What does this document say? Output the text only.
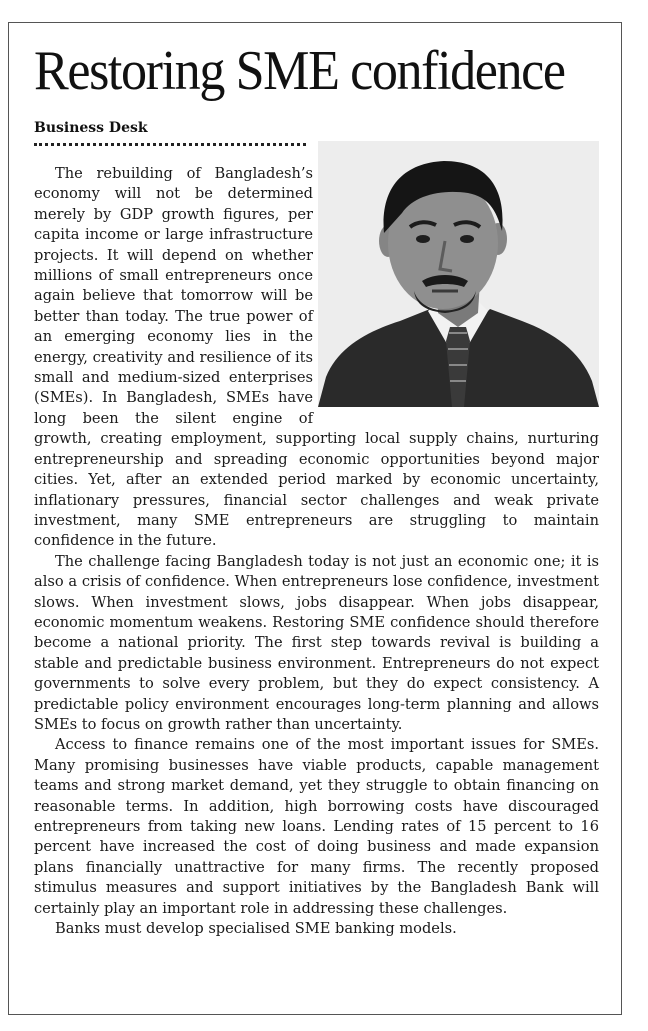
Restoring SME confidence
Business Desk

The rebuilding of Bangladesh’s economy will not be determined merely by GDP growth figures, per capita income or large infrastructure projects. It will depend on whether millions of small entrepreneurs once again believe that tomorrow will be better than today. The true power of an emerging economy lies in the energy, creativity and resilience of its small and medium-sized enterprises (SMEs). In Bangladesh, SMEs have long been the silent engine of growth, creating employment, supporting local supply chains, nurturing entrepreneurship and spreading economic opportunities beyond major cities. Yet, after an extended period marked by economic uncertainty, inflationary pressures, financial sector challenges and weak private investment, many SME entrepreneurs are struggling to maintain confidence in the future.

The challenge facing Bangladesh today is not just an economic one; it is also a crisis of confidence. When entrepreneurs lose confidence, investment slows. When investment slows, jobs disappear. When jobs disappear, economic momentum weakens. Restoring SME confidence should therefore become a national priority. The first step towards revival is building a stable and predictable business environment. Entrepreneurs do not expect governments to solve every problem, but they do expect consistency. A predictable policy environment encourages long-term planning and allows SMEs to focus on growth rather than uncertainty.

Access to finance remains one of the most important issues for SMEs. Many promising businesses have viable products, capable management teams and strong market demand, yet they struggle to obtain financing on reasonable terms. In addition, high borrowing costs have discouraged entrepreneurs from taking new loans. Lending rates of 15 percent to 16 percent have increased the cost of doing business and made expansion plans financially unattractive for many firms. The recently proposed stimulus measures and support initiatives by the Bangladesh Bank will certainly play an important role in addressing these challenges.

Banks must develop specialised SME banking models.
